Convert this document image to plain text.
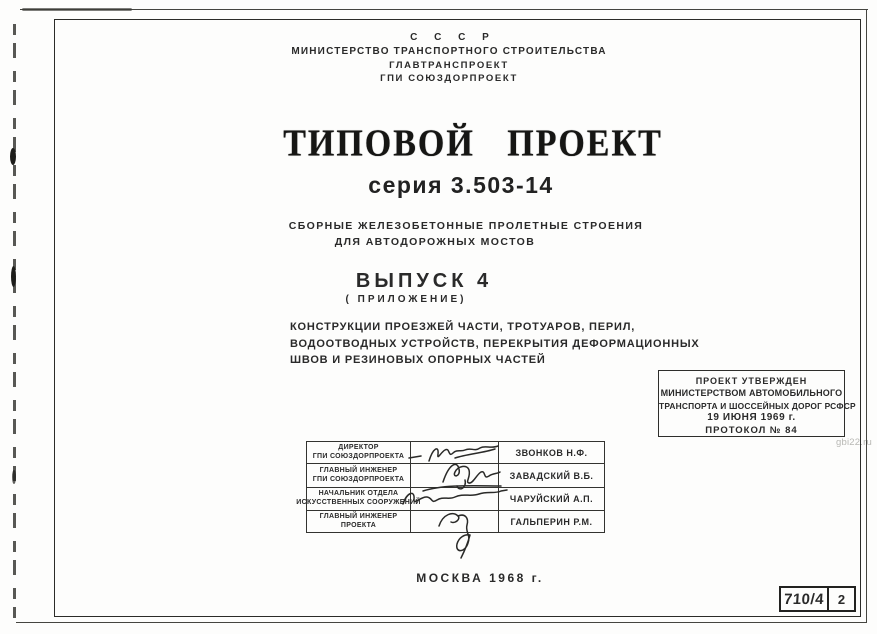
С С С Р
МИНИСТЕРСТВО ТРАНСПОРТНОГО СТРОИТЕЛЬСТВА
ГЛАВТРАНСПРОЕКТ
ГПИ СОЮЗДОРПРОЕКТ
ТИПОВОЙ ПРОЕКТ
серия 3.503-14
СБОРНЫЕ ЖЕЛЕЗОБЕТОННЫЕ ПРОЛЕТНЫЕ СТРОЕНИЯ
ДЛЯ АВТОДОРОЖНЫХ МОСТОВ
ВЫПУСК 4
( ПРИЛОЖЕНИЕ)
КОНСТРУКЦИИ ПРОЕЗЖЕЙ ЧАСТИ, ТРОТУАРОВ, ПЕРИЛ,
ВОДООТВОДНЫХ УСТРОЙСТВ, ПЕРЕКРЫТИЯ ДЕФОРМАЦИОННЫХ
ШВОВ И РЕЗИНОВЫХ ОПОРНЫХ ЧАСТЕЙ
ПРОЕКТ УТВЕРЖДЕН
МИНИСТЕРСТВОМ АВТОМОБИЛЬНОГО
ТРАНСПОРТА И ШОССЕЙНЫХ ДОРОГ РСФСР
19 ИЮНЯ 1969 г.
ПРОТОКОЛ № 84
ДИРЕКТОР
ГПИ СОЮЗДОРПРОЕКТА	ЗВОНКОВ Н.Ф.
ГЛАВНЫЙ ИНЖЕНЕР
ГПИ СОЮЗДОРПРОЕКТА	ЗАВАДСКИЙ В.Б.
НАЧАЛЬНИК ОТДЕЛА
ИСКУССТВЕННЫХ СООРУЖЕНИЙ	ЧАРУЙСКИЙ А.П.
ГЛАВНЫЙ ИНЖЕНЕР
ПРОЕКТА	ГАЛЬПЕРИН Р.М.
МОСКВА 1968 г.
710/4	2
gbi22.ru
